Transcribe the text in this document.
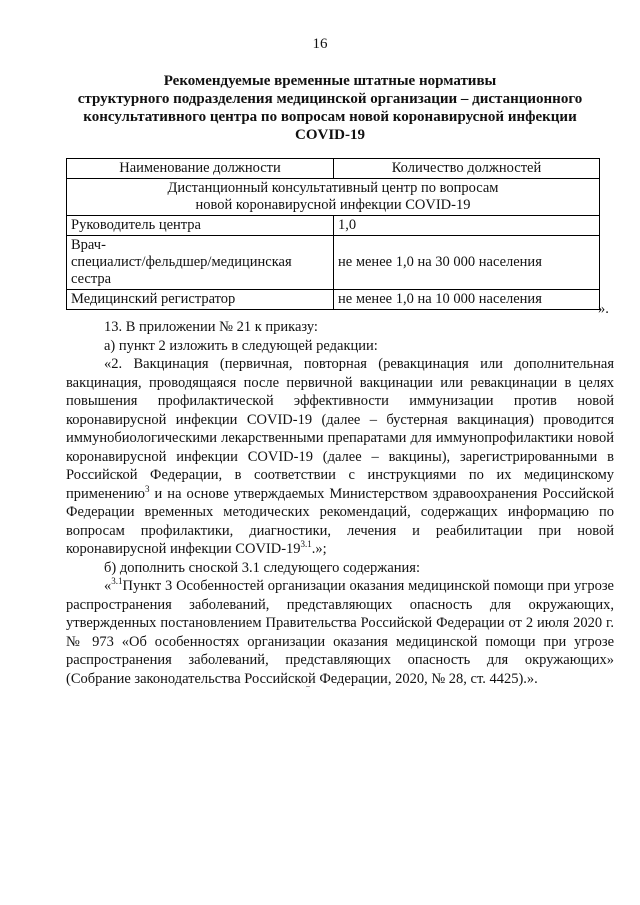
16
Рекомендуемые временные штатные нормативы
структурного подразделения медицинской организации – дистанционного
консультативного центра по вопросам новой коронавирусной инфекции
COVID-19
Наименование должности	Количество должностей

Дистанционный консультативный центр по вопросам
новой коронавирусной инфекции COVID-19	

Руководитель центра	1,0

Врач-
специалист/фельдшер/медицинская
сестра	не менее 1,0 на 30 000 населения
Медицинский регистратор	не менее 1,0 на 10 000 населения
».

13. В приложении № 21 к приказу:

а) пункт 2 изложить в следующей редакции:

«2. Вакцинация (первичная, повторная (ревакцинация или дополнительная вакцинация, проводящаяся после первичной вакцинации или ревакцинации в целях повышения профилактической эффективности иммунизации против новой коронавирусной инфекции COVID-19 (далее – бустерная вакцинация) проводится иммунобиологическими лекарственными препаратами для иммунопрофилактики новой коронавирусной инфекции COVID-19 (далее – вакцины), зарегистрированными в Российской Федерации, в соответствии с инструкциями по их медицинскому применению$^3$ и на основе утверждаемых Министерством здравоохранения Российской Федерации временных методических рекомендаций, содержащих информацию по вопросам профилактики, диагностики, лечения и реабилитации при новой коронавирусной инфекции COVID-$19^{3.1}$.»;

б) дополнить сноской 3.1 следующего содержания:

«$^{3.1}$Пункт 3 Особенностей организации оказания медицинской помощи при угрозе распространения заболеваний, представляющих опасность для окружающих, утвержденных постановлением Правительства Российской Федерации от 2 июля 2020 г. № 973 «Об особенностях организации оказания медицинской помощи при угрозе распространения заболеваний, представляющих опасность для окружающих» (Собрание законодательства Российской Федерации, 2020, № 28, ст. 4425).».
